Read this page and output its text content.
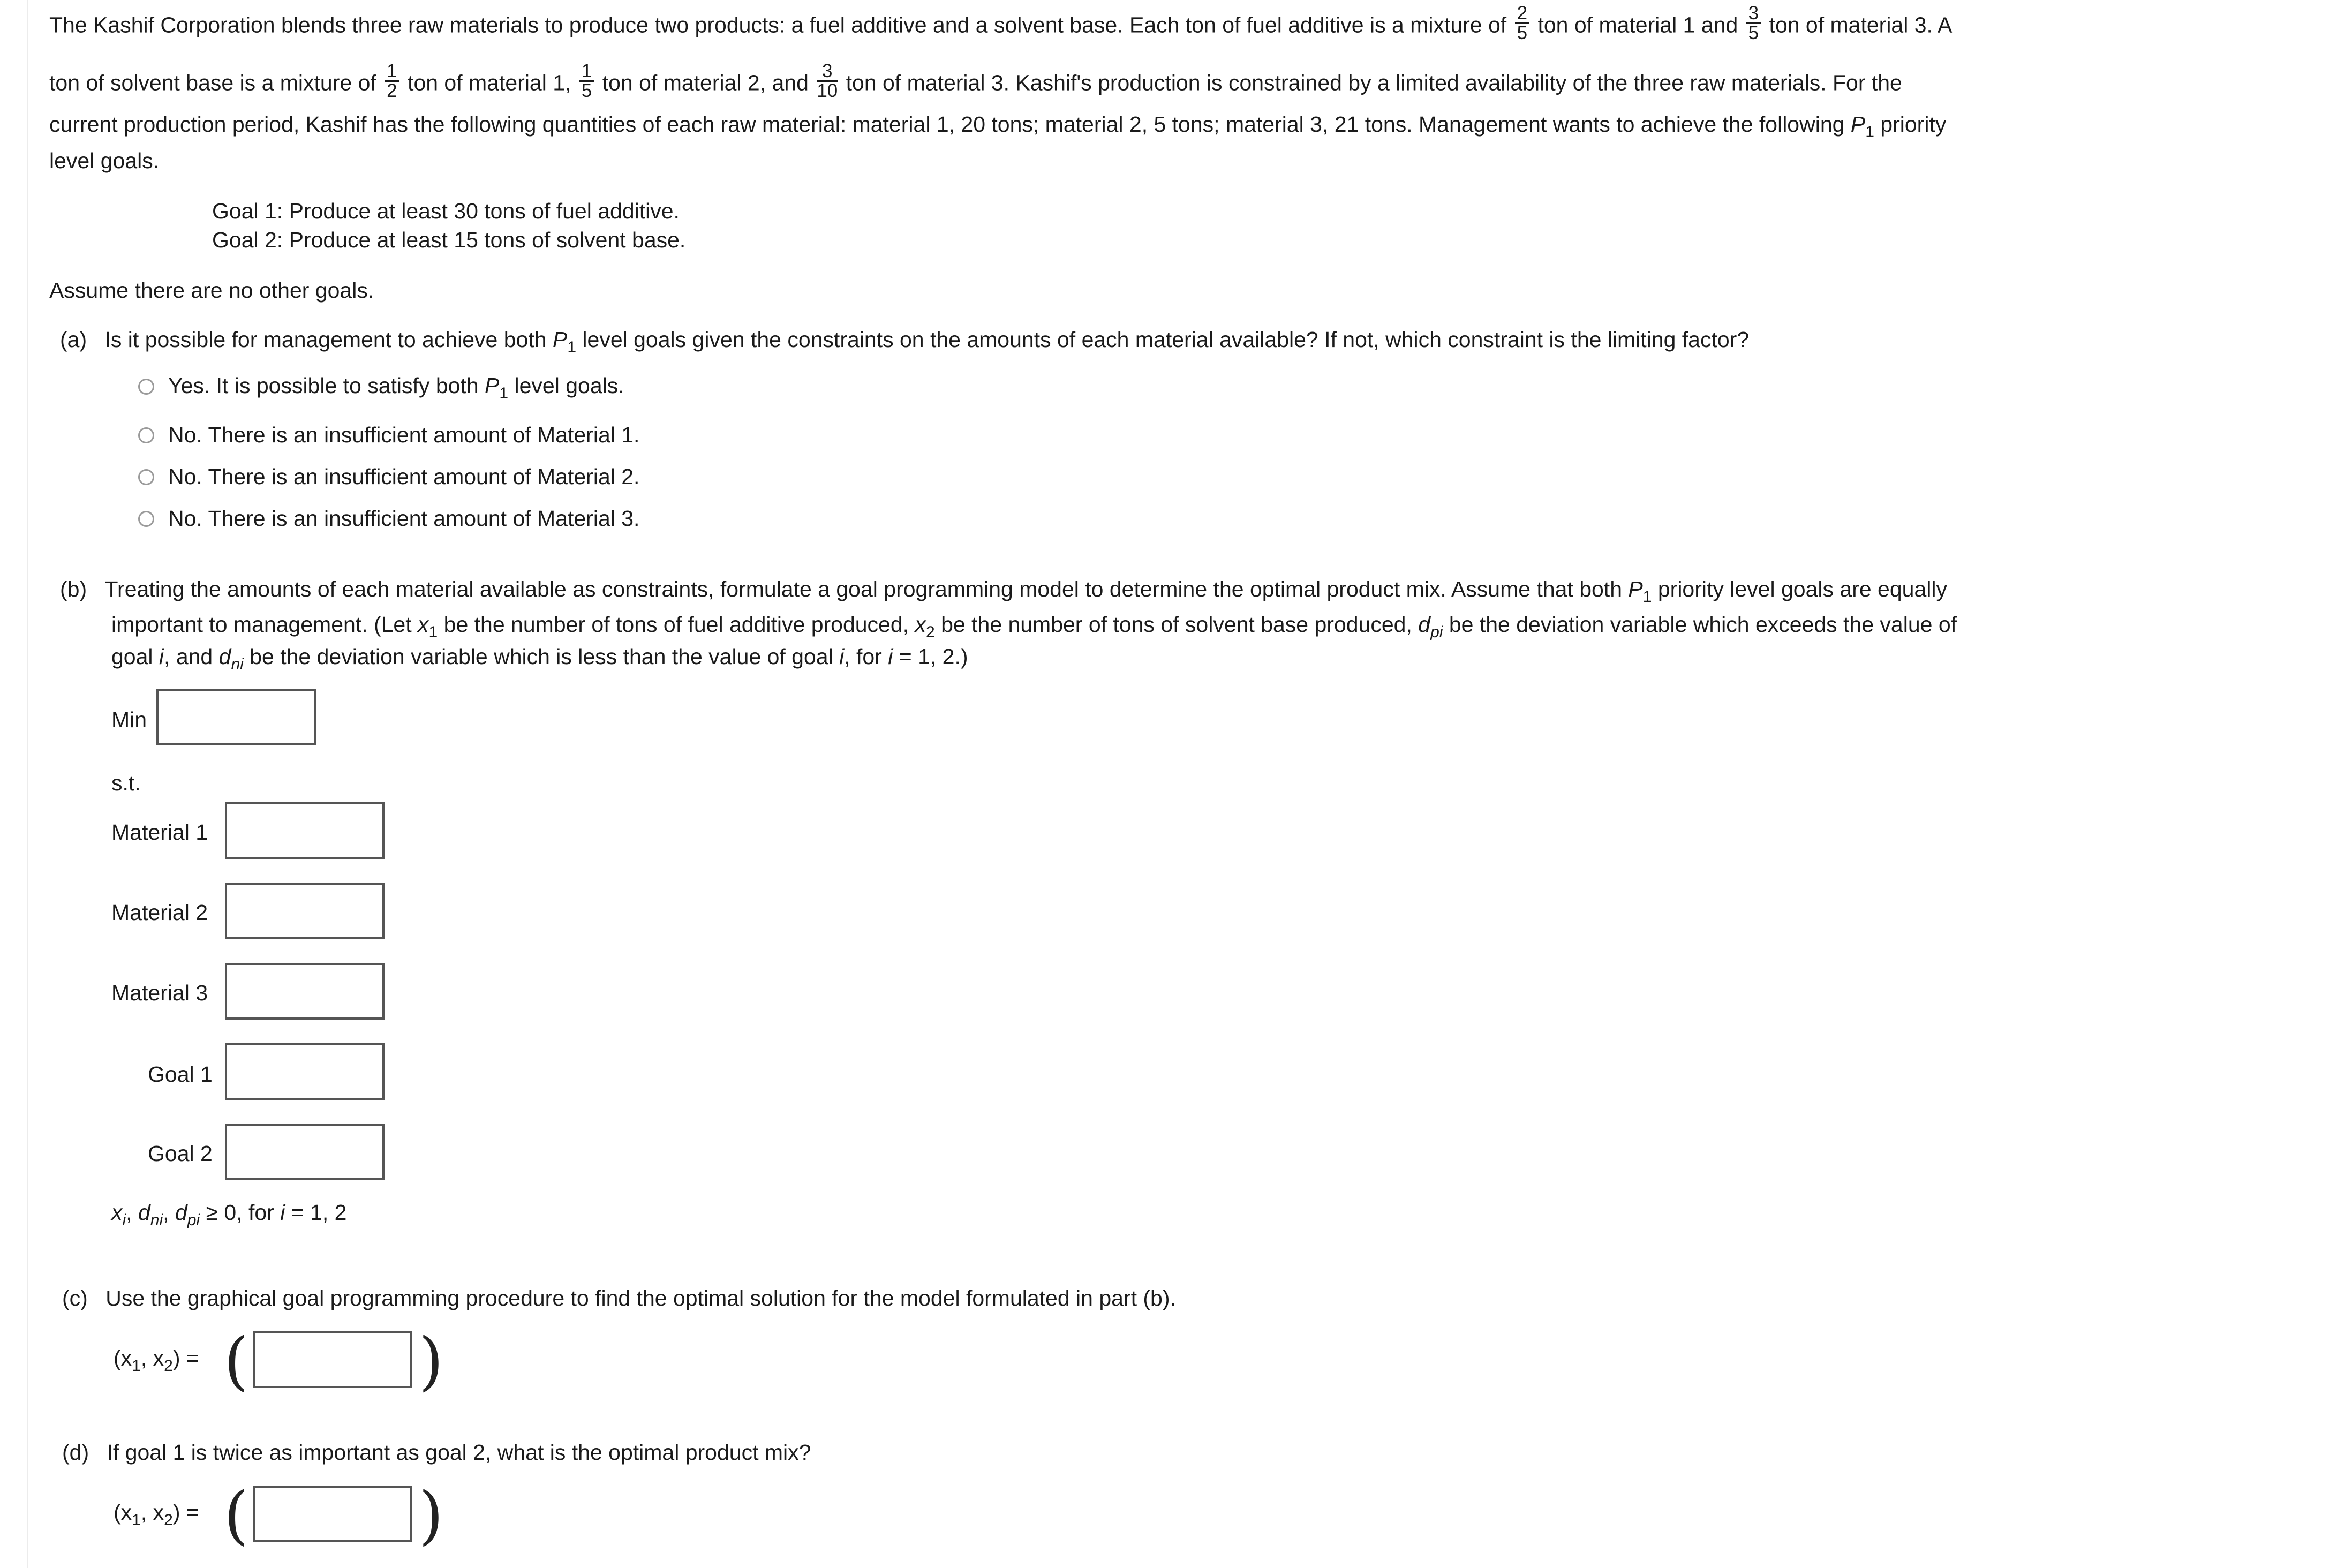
The Kashif Corporation blends three raw materials to produce two products: a fuel additive and a solvent base. Each ton of fuel additive is a mixture of $\frac{2}{5}$ ton of material 1 and $\frac{3}{5}$ ton of material 3. A
ton of solvent base is a mixture of $\frac{1}{2}$ ton of material 1, $\frac{1}{5}$ ton of material 2, and $\frac{3}{10}$ ton of material 3. Kashif's production is constrained by a limited availability of the three raw materials. For the
current production period, Kashif has the following quantities of each raw material: material 1, 20 tons; material 2, 5 tons; material 3, 21 tons. Management wants to achieve the following $P_1$ priority
level goals.
Goal 1: Produce at least 30 tons of fuel additive.
Goal 2: Produce at least 15 tons of solvent base.
Assume there are no other goals.
(a) Is it possible for management to achieve both $P_1$ level goals given the constraints on the amounts of each material available? If not, which constraint is the limiting factor?
Yes. It is possible to satisfy both $P_1$ level goals.
No. There is an insufficient amount of Material 1.
No. There is an insufficient amount of Material 2.
No. There is an insufficient amount of Material 3.
(b) Treating the amounts of each material available as constraints, formulate a goal programming model to determine the optimal product mix. Assume that both $P_1$ priority level goals are equally
important to management. (Let $x_1$ be the number of tons of fuel additive produced, $x_2$ be the number of tons of solvent base produced, $d_{pi}$ be the deviation variable which exceeds the value of
goal i, and $d_{ni}$ be the deviation variable which is less than the value of goal i, for i = 1, 2.)
Min
s.t.
Material 1
Material 2
Material 3
Goal 1
Goal 2
$x_i$, $d_{ni}$, $d_{pi} \ge 0$, for i = 1, 2
(c) Use the graphical goal programming procedure to find the optimal solution for the model formulated in part (b).
($x_1$, $x_2$) = (	)
(d) If goal 1 is twice as important as goal 2, what is the optimal product mix?
($x_1$, $x_2$) = (	)
